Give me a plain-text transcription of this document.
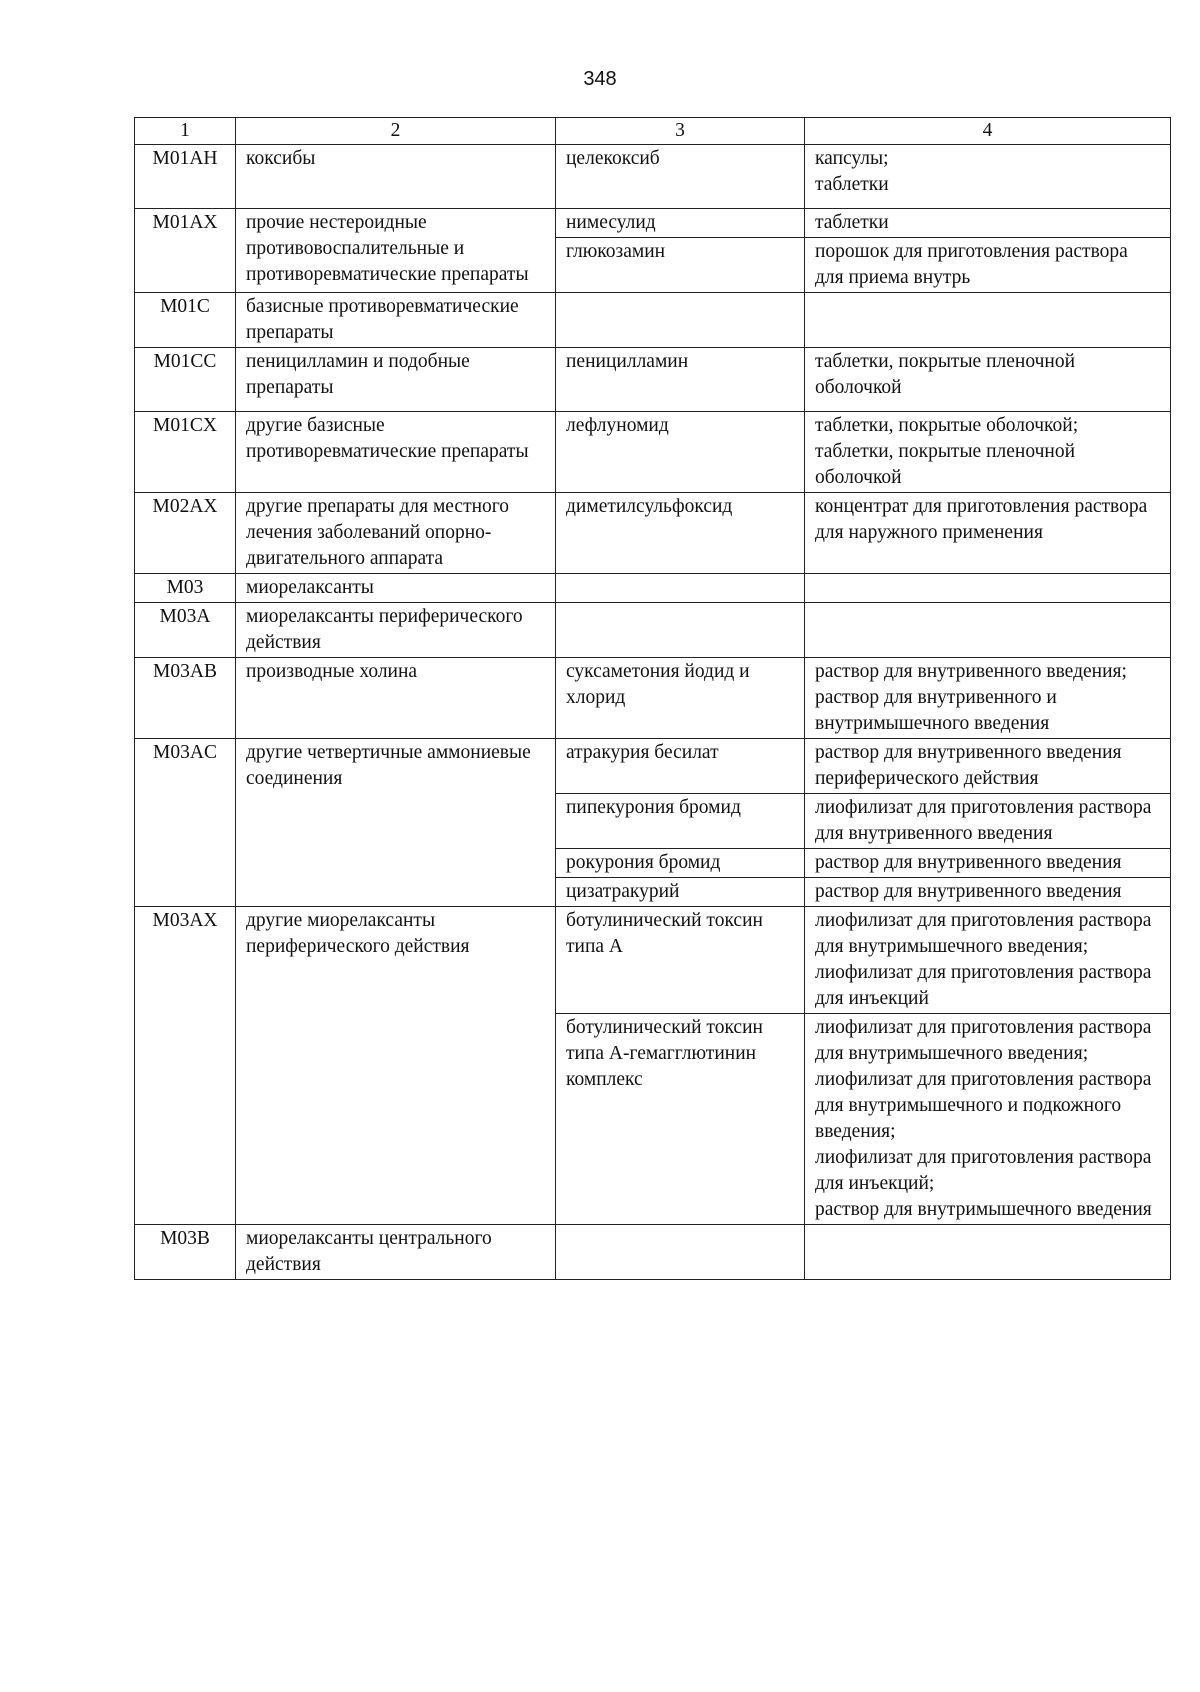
348
1	2	3	4
M01AH	коксибы	целекоксиб	капсулы;
таблетки
M01AX	прочие нестероидные противовоспалительные и противоревматические препараты	нимесулид	таблетки
		глюкозамин	порошок для приготовления раствора для приема внутрь
M01C	базисные противоревматические препараты		
M01CC	пеницилламин и подобные препараты	пеницилламин	таблетки, покрытые пленочной оболочкой
M01CX	другие базисные противоревматические препараты	лефлуномид	таблетки, покрытые оболочкой;
таблетки, покрытые пленочной оболочкой
M02AX	другие препараты для местного лечения заболеваний опорно-двигательного аппарата	диметилсульфоксид	концентрат для приготовления раствора для наружного применения
M03	миорелаксанты		
M03A	миорелаксанты периферического действия		
M03AB	производные холина	суксаметония йодид и хлорид	раствор для внутривенного введения;
раствор для внутривенного и внутримышечного введения
M03AC	другие четвертичные аммониевые соединения	атракурия бесилат	раствор для внутривенного введения периферического действия
		пипекурония бромид	лиофилизат для приготовления раствора для внутривенного введения
		рокурония бромид	раствор для внутривенного введения
		цизатракурий	раствор для внутривенного введения
M03AX	другие миорелаксанты периферического действия	ботулинический токсин типа А	лиофилизат для приготовления раствора для внутримышечного введения;
лиофилизат для приготовления раствора для инъекций
		ботулинический токсин типа А-гемагглютинин комплекс	лиофилизат для приготовления раствора для внутримышечного введения;
лиофилизат для приготовления раствора для внутримышечного и подкожного введения;
лиофилизат для приготовления раствора для инъекций;
раствор для внутримышечного введения
M03B	миорелаксанты центрального действия		
